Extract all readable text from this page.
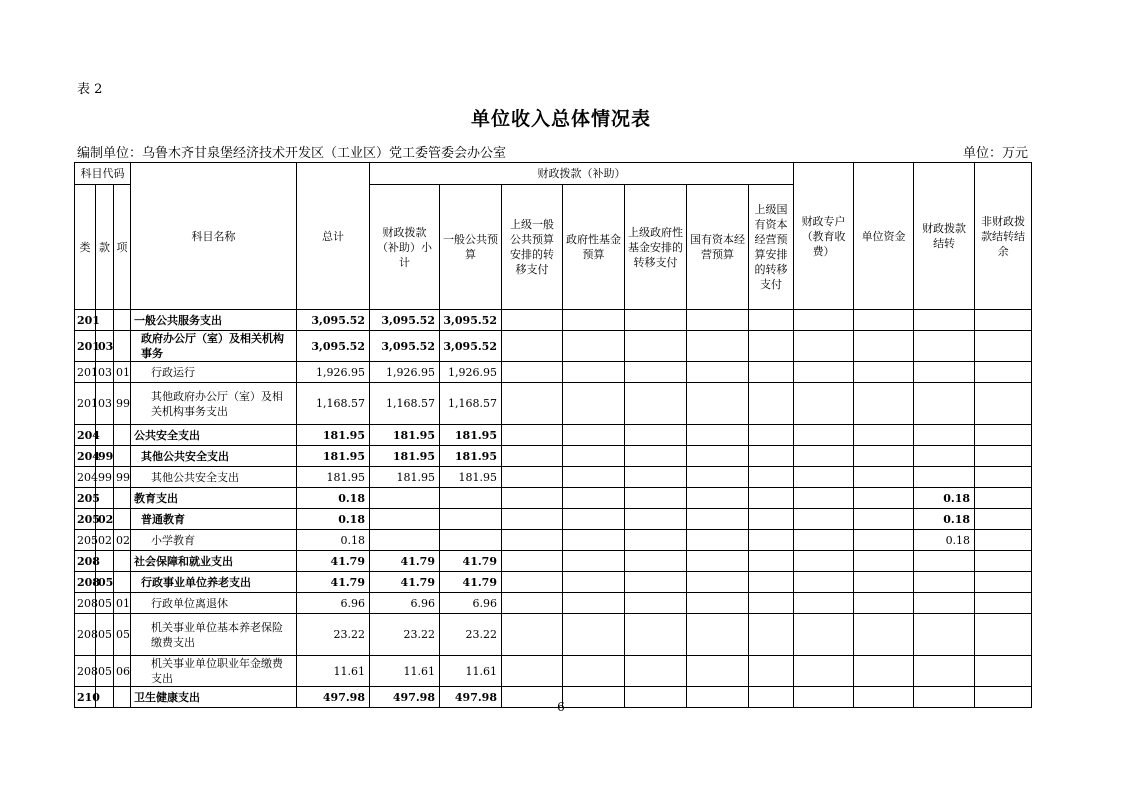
表 2
单位收入总体情况表
编制单位：乌鲁木齐甘泉堡经济技术开发区（工业区）党工委管委会办公室	单位：万元
科目代码			科目名称	总计	财政拨款（补助）							财政专户（教育收费）	单位资金	财政拨款结转	非财政拨款结转结余
类	款	项			财政拨款（补助）小计	一般公共预算	上级一般公共预算安排的转移支付	政府性基金预算	上级政府性基金安排的转移支付	国有资本经营预算	上级国有资本经营预算安排的转移支付				
201			一般公共服务支出	3,095.52	3,095.52	3,095.52									
201	03		政府办公厅（室）及相关机构事务	3,095.52	3,095.52	3,095.52									
201	03	01	行政运行	1,926.95	1,926.95	1,926.95									
201	03	99	其他政府办公厅（室）及相关机构事务支出	1,168.57	1,168.57	1,168.57									
204			公共安全支出	181.95	181.95	181.95									
204	99		其他公共安全支出	181.95	181.95	181.95									
204	99	99	其他公共安全支出	181.95	181.95	181.95									
205			教育支出	0.18										0.18	
205	02		普通教育	0.18										0.18	
205	02	02	小学教育	0.18										0.18	
208			社会保障和就业支出	41.79	41.79	41.79									
208	05		行政事业单位养老支出	41.79	41.79	41.79									
208	05	01	行政单位离退休	6.96	6.96	6.96									
208	05	05	机关事业单位基本养老保险缴费支出	23.22	23.22	23.22									
208	05	06	机关事业单位职业年金缴费支出	11.61	11.61	11.61									
210			卫生健康支出	497.98	497.98	497.98									
6
